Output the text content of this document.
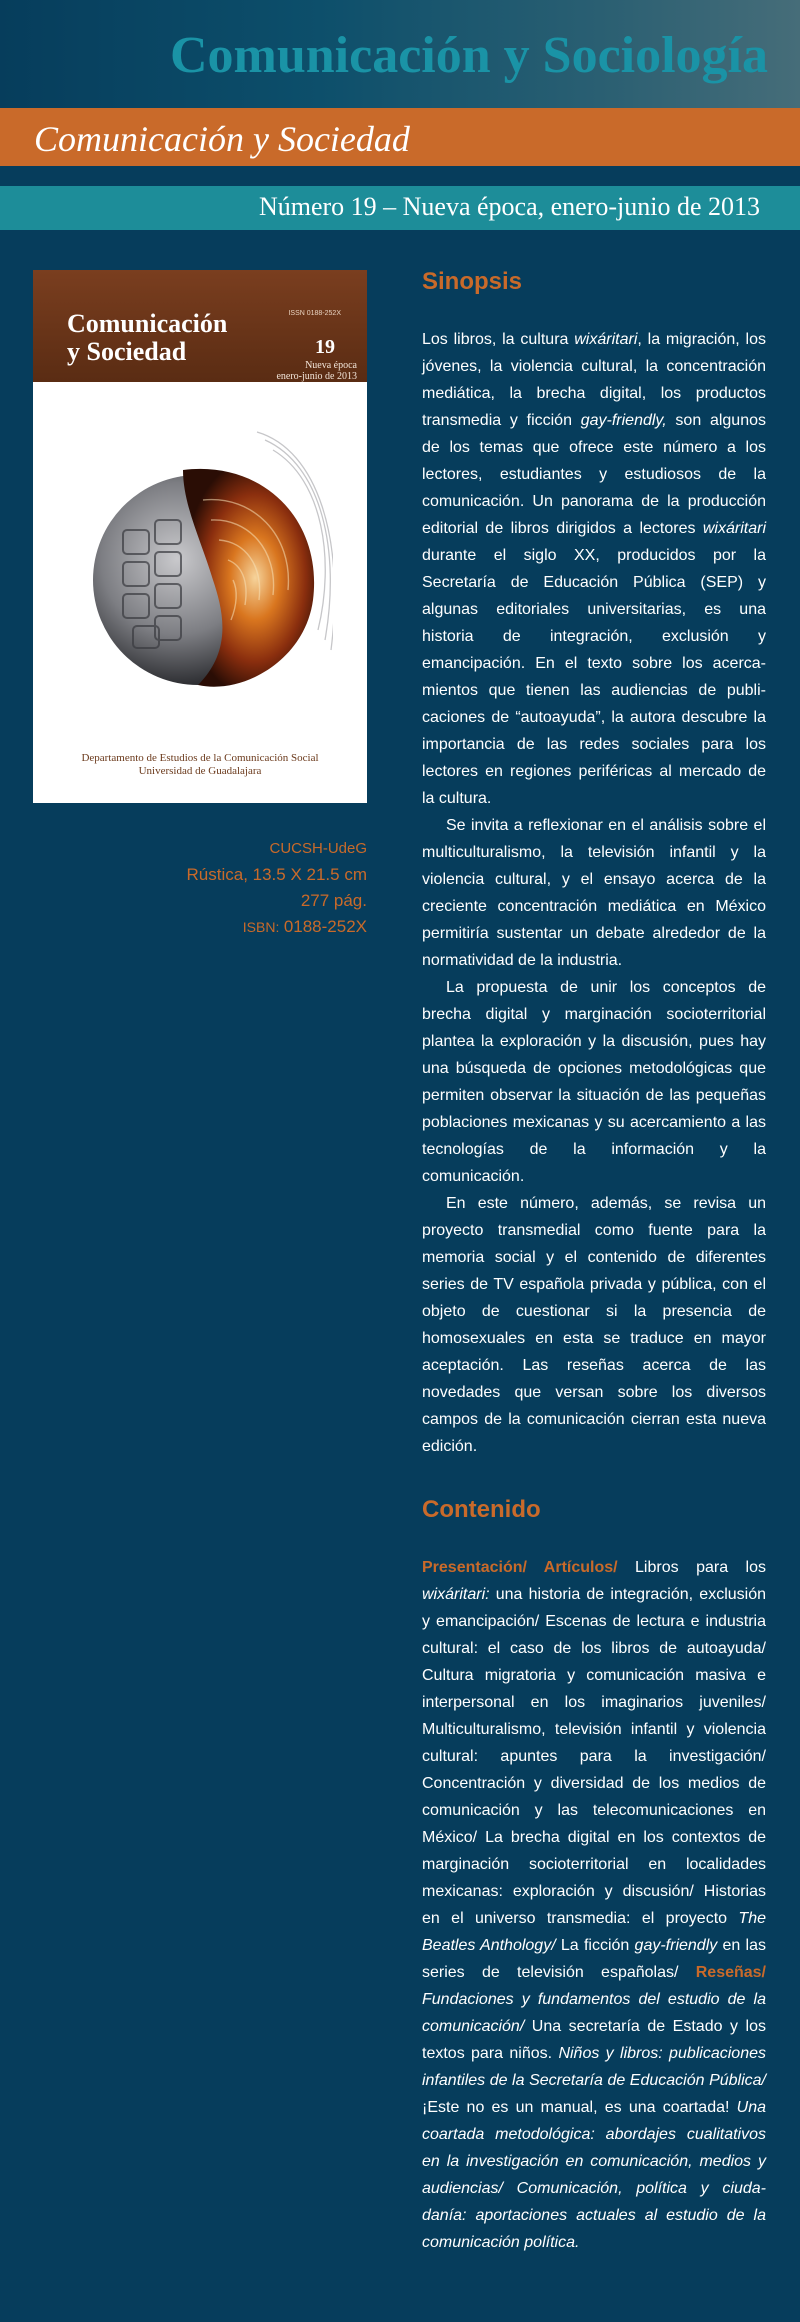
Comunicación y Sociología
Comunicación y Sociedad
Número 19 – Nueva época, enero-junio de 2013
Comunicación
y Sociedad
ISSN 0188-252X
19
Nueva época
enero-junio de 2013
Departamento de Estudios de la Comunicación Social
Universidad de Guadalajara
CUCSH-UdeG
Rústica, 13.5 X 21.5 cm
277 pág.
ISBN: 0188-252X
Sinopsis

Los libros, la cultura wixáritari, la migración, los jóvenes, la violencia cultural, la concentración mediática, la brecha digital, los productos transmedia y ficción gay-friendly, son algunos de los temas que ofrece este número a los lectores, estudiantes y estudiosos de la comunicación. Un panorama de la producción editorial de libros dirigidos a lectores wixáritari durante el siglo XX, producidos por la Secretaría de Educación Pública (SEP) y algunas editoriales universitarias, es una historia de integración, exclusión y emancipación. En el texto sobre los acercamientos que tienen las audiencias de publicaciones de “autoayuda”, la autora descubre la importancia de las redes sociales para los lectores en regiones periféricas al mercado de la cultura.

Se invita a reflexionar en el análisis sobre el multiculturalismo, la televisión infantil y la violencia cultural, y el ensayo acerca de la creciente concentración mediática en México permitiría sustentar un debate alrededor de la normatividad de la industria.

La propuesta de unir los conceptos de brecha digital y marginación socioterritorial plantea la exploración y la discusión, pues hay una búsqueda de opciones metodológicas que permiten observar la situación de las pequeñas poblaciones mexicanas y su acercamiento a las tecnologías de la información y la comunicación.

En este número, además, se revisa un proyecto transmedial como fuente para la memoria social y el contenido de diferentes series de TV española privada y pública, con el objeto de cuestionar si la presencia de homosexuales en esta se traduce en mayor aceptación. Las reseñas acerca de las novedades que versan sobre los diversos campos de la comunicación cierran esta nueva edición.

Contenido

Presentación/ Artículos/ Libros para los wixáritari: una historia de integración, exclusión y emancipación/ Escenas de lectura e industria cultural: el caso de los libros de autoayuda/ Cultura migratoria y comunicación masiva e interpersonal en los imaginarios juveniles/ Multiculturalismo, televisión infantil y violencia cultural: apuntes para la investigación/ Concentración y diversidad de los medios de comunicación y las telecomunicaciones en México/ La brecha digital en los contextos de marginación socioterritorial en localidades mexicanas: exploración y discusión/ Historias en el universo transmedia: el proyecto The Beatles Anthology/ La ficción gay-friendly en las series de televisión españolas/ Reseñas/ Fundaciones y fundamentos del estudio de la comunicación/ Una secretaría de Estado y los textos para niños. Niños y libros: publicaciones infantiles de la Secretaría de Educación Pública/ ¡Este no es un manual, es una coartada! Una coartada metodológica: abordajes cualitativos en la investigación en comunicación, medios y audiencias/ Comunicación, política y ciudadanía: aportaciones actuales al estudio de la comunicación política.
